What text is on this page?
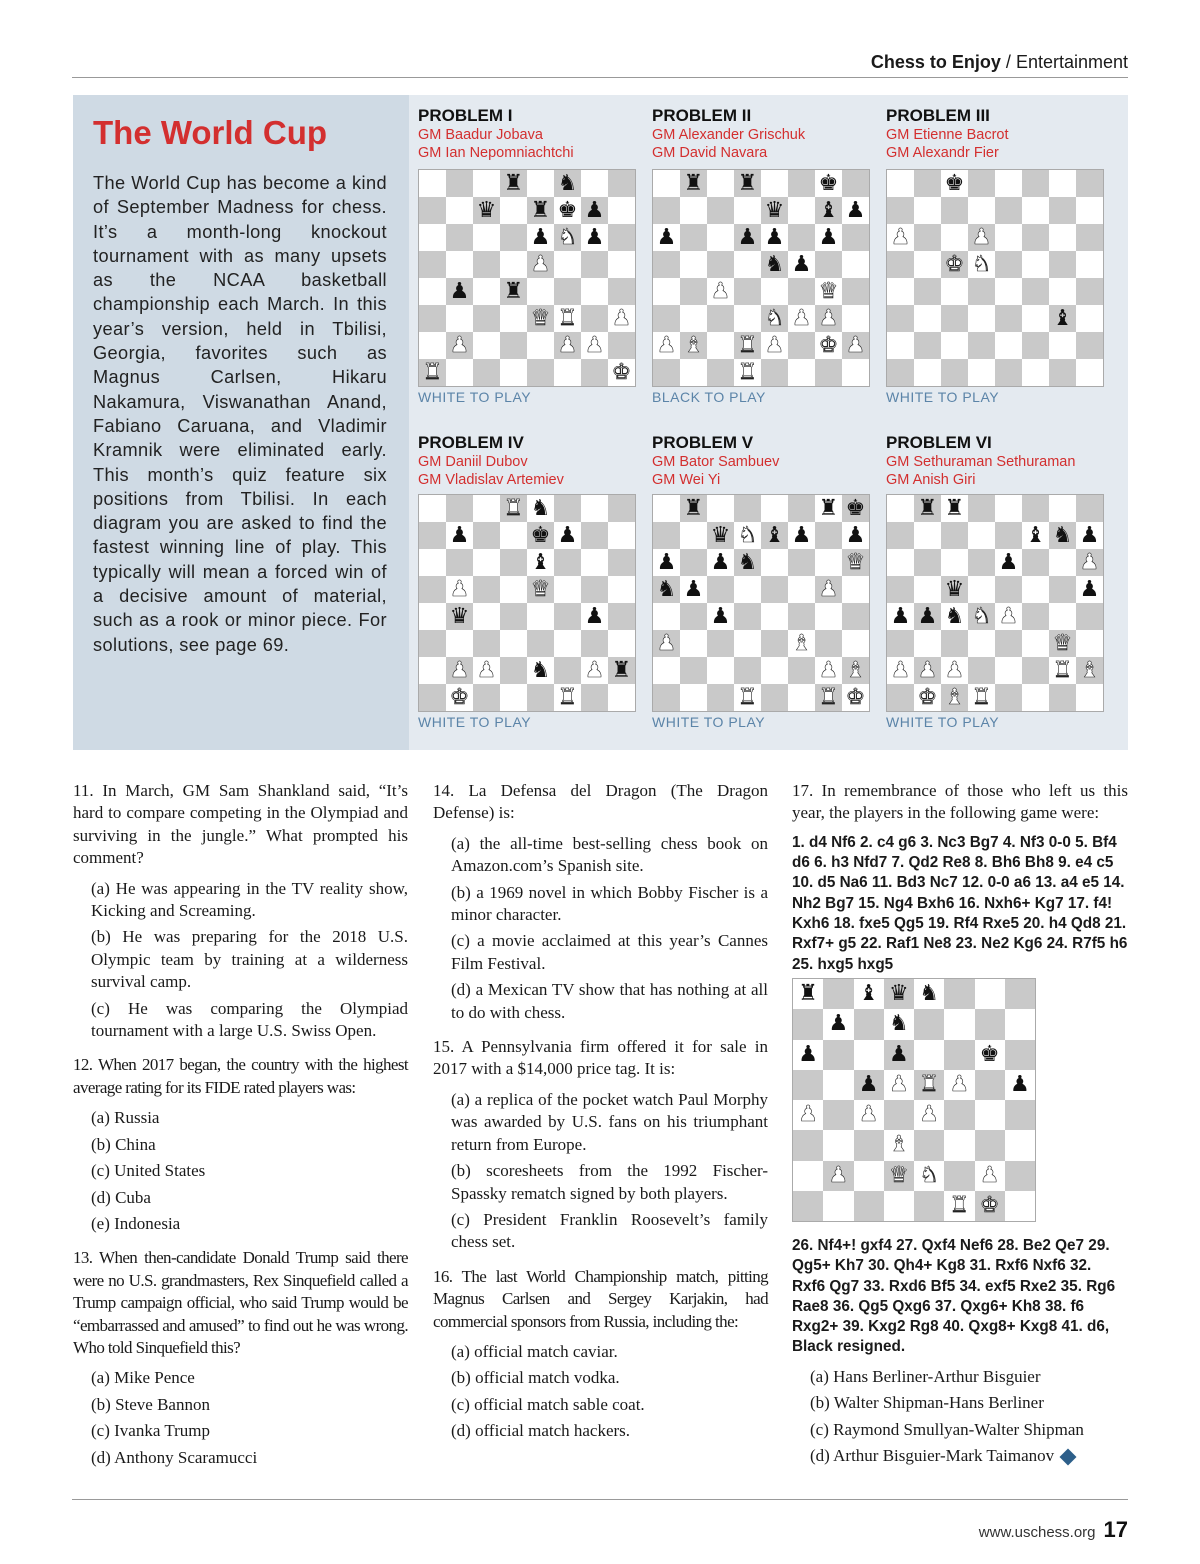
Chess to Enjoy / Entertainment
The World Cup
The World Cup has become a kind of September Madness for chess. It’s a month-long knockout tournament with as many upsets as the NCAA basketball championship each March. In this year’s version, held in Tbilisi, Georgia, favorites such as Magnus Carlsen, Hikaru Nakamura, Viswanathan Anand, Fabiano Caruana, and Vladimir Kramnik were eliminated early. This month’s quiz feature six positions from Tbilisi. In each diagram you are asked to find the fastest winning line of play. This typically will mean a forced win of a decisive amount of material, such as a rook or minor piece. For solutions, see page 69.
PROBLEM I
GM Baadur Jobava
GM Ian Nepomniachtchi
♜ ♞
♛ ♜ ♚ ♟
♟ ♞ ♟
♟
♟ ♜
♛ ♜ ♟
♟	♟ ♟
♜	♚
WHITE TO PLAY
PROBLEM II
GM Alexander Grischuk
GM David Navara
♜ ♜	♚
♛ ♝ ♟
♟	♟ ♟ ♟
♞ ♟
♟	♛
♞ ♟ ♟
♟ ♝ ♜ ♟ ♚ ♟
♜
BLACK TO PLAY
PROBLEM III
GM Etienne Bacrot
GM Alexandr Fier
♚
♟	♟
♚ ♞
♝
WHITE TO PLAY
PROBLEM IV
GM Daniil Dubov
GM Vladislav Artemiev
♜ ♞
♟	♚ ♟
♝
♟	♛
♛	♟
♟ ♟ ♞ ♟ ♜
♚	♜
WHITE TO PLAY
PROBLEM V
GM Bator Sambuev
GM Wei Yi
♜	♜ ♚
♛ ♞ ♝ ♟ ♟
♟ ♟ ♞	♛
♞ ♟	♟
♟
♟	♝
♟ ♝
♜	♜ ♚
WHITE TO PLAY
PROBLEM VI
GM Sethuraman Sethuraman
GM Anish Giri
♜ ♜
♝ ♞ ♟
♟	♟
♛	♟
♟ ♟ ♞ ♞ ♟
♛
♟ ♟ ♟	♜ ♝
♚ ♝ ♜
WHITE TO PLAY

11. In March, GM Sam Shankland said, “It’s hard to compare competing in the Olympiad and surviving in the jungle.” What prompted his comment?

(a) He was appearing in the TV reality show, Kicking and Screaming.

(b) He was preparing for the 2018 U.S. Olympic team by training at a wilderness survival camp.

(c) He was comparing the Olympiad tournament with a large U.S. Swiss Open.

12. When 2017 began, the country with the highest average rating for its FIDE rated players was:

(a) Russia

(b) China

(c) United States

(d) Cuba

(e) Indonesia

13. When then-candidate Donald Trump said there were no U.S. grandmasters, Rex Sinquefield called a Trump campaign official, who said Trump would be “embarrassed and amused” to find out he was wrong. Who told Sinquefield this?

(a) Mike Pence

(b) Steve Bannon

(c) Ivanka Trump

(d) Anthony Scaramucci

14. La Defensa del Dragon (The Dragon Defense) is:

(a) the all-time best-selling chess book on Amazon.com’s Spanish site.

(b) a 1969 novel in which Bobby Fischer is a minor character.

(c) a movie acclaimed at this year’s Cannes Film Festival.

(d) a Mexican TV show that has nothing at all to do with chess.

15. A Pennsylvania firm offered it for sale in 2017 with a $14,000 price tag. It is:

(a) a replica of the pocket watch Paul Morphy was awarded by U.S. fans on his triumphant return from Europe.

(b) scoresheets from the 1992 Fischer-Spassky rematch signed by both players.

(c) President Franklin Roosevelt’s family chess set.

16. The last World Championship match, pitting Magnus Carlsen and Sergey Karjakin, had commercial sponsors from Russia, including the:

(a) official match caviar.

(b) official match vodka.

(c) official match sable coat.

(d) official match hackers.

17. In remembrance of those who left us this year, the players in the following game were:

1. d4 Nf6 2. c4 g6 3. Nc3 Bg7 4. Nf3 0-0 5. Bf4 d6 6. h3 Nfd7 7. Qd2 Re8 8. Bh6 Bh8 9. e4 c5 10. d5 Na6 11. Bd3 Nc7 12. 0-0 a6 13. a4 e5 14. Nh2 Bg7 15. Ng4 Bxh6 16. Nxh6+ Kg7 17. f4! Kxh6 18. fxe5 Qg5 19. Rf4 Rxe5 20. h4 Qd8 21. Rxf7+ g5 22. Raf1 Ne8 23. Ne2 Kg6 24. R7f5 h6 25. hxg5 hxg5

♜ ♝ ♛ ♞
♟ ♞
♟	♟	♚
♟ ♟ ♜ ♟ ♟
♟ ♟ ♟
♝
♟ ♛ ♞ ♟
♜ ♚

26. Nf4+! gxf4 27. Qxf4 Nef6 28. Be2 Qe7 29. Qg5+ Kh7 30. Qh4+ Kg8 31. Rxf6 Nxf6 32. Rxf6 Qg7 33. Rxd6 Bf5 34. exf5 Rxe2 35. Rg6 Rae8 36. Qg5 Qxg6 37. Qxg6+ Kh8 38. f6 Rxg2+ 39. Kxg2 Rg8 40. Qxg8+ Kxg8 41. d6, Black resigned.

(a) Hans Berliner-Arthur Bisguier

(b) Walter Shipman-Hans Berliner

(c) Raymond Smullyan-Walter Shipman

(d) Arthur Bisguier-Mark Taimanov

www.uschess.org 17
